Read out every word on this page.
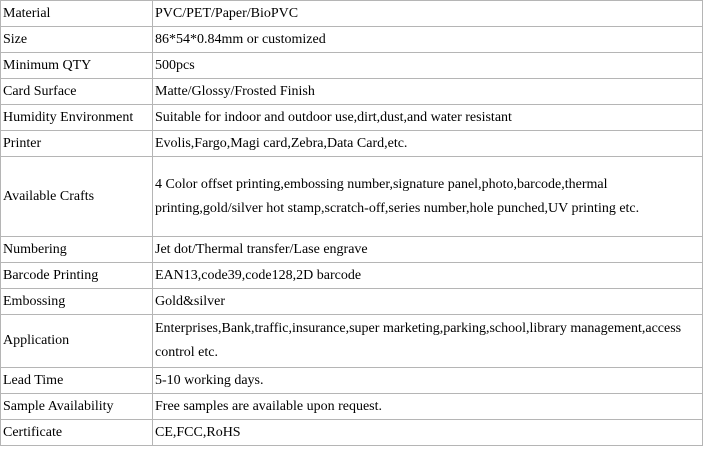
Material	PVC/PET/Paper/BioPVC
Size	86*54*0.84mm or customized
Minimum QTY	500pcs
Card Surface	Matte/Glossy/Frosted Finish
Humidity Environment	Suitable for indoor and outdoor use,dirt,dust,and water resistant
Printer	Evolis,Fargo,Magi card,Zebra,Data Card,etc.
Available Crafts	4 Color offset printing,embossing number,signature panel,photo,barcode,thermal printing,gold/silver hot stamp,scratch-off,series number,hole punched,UV printing etc.
Numbering	Jet dot/Thermal transfer/Lase engrave
Barcode Printing	EAN13,code39,code128,2D barcode
Embossing	Gold&silver
Application	Enterprises,Bank,traffic,insurance,super marketing,parking,school,library management,access control etc.
Lead Time	5-10 working days.
Sample Availability	Free samples are available upon request.
Certificate	CE,FCC,RoHS
